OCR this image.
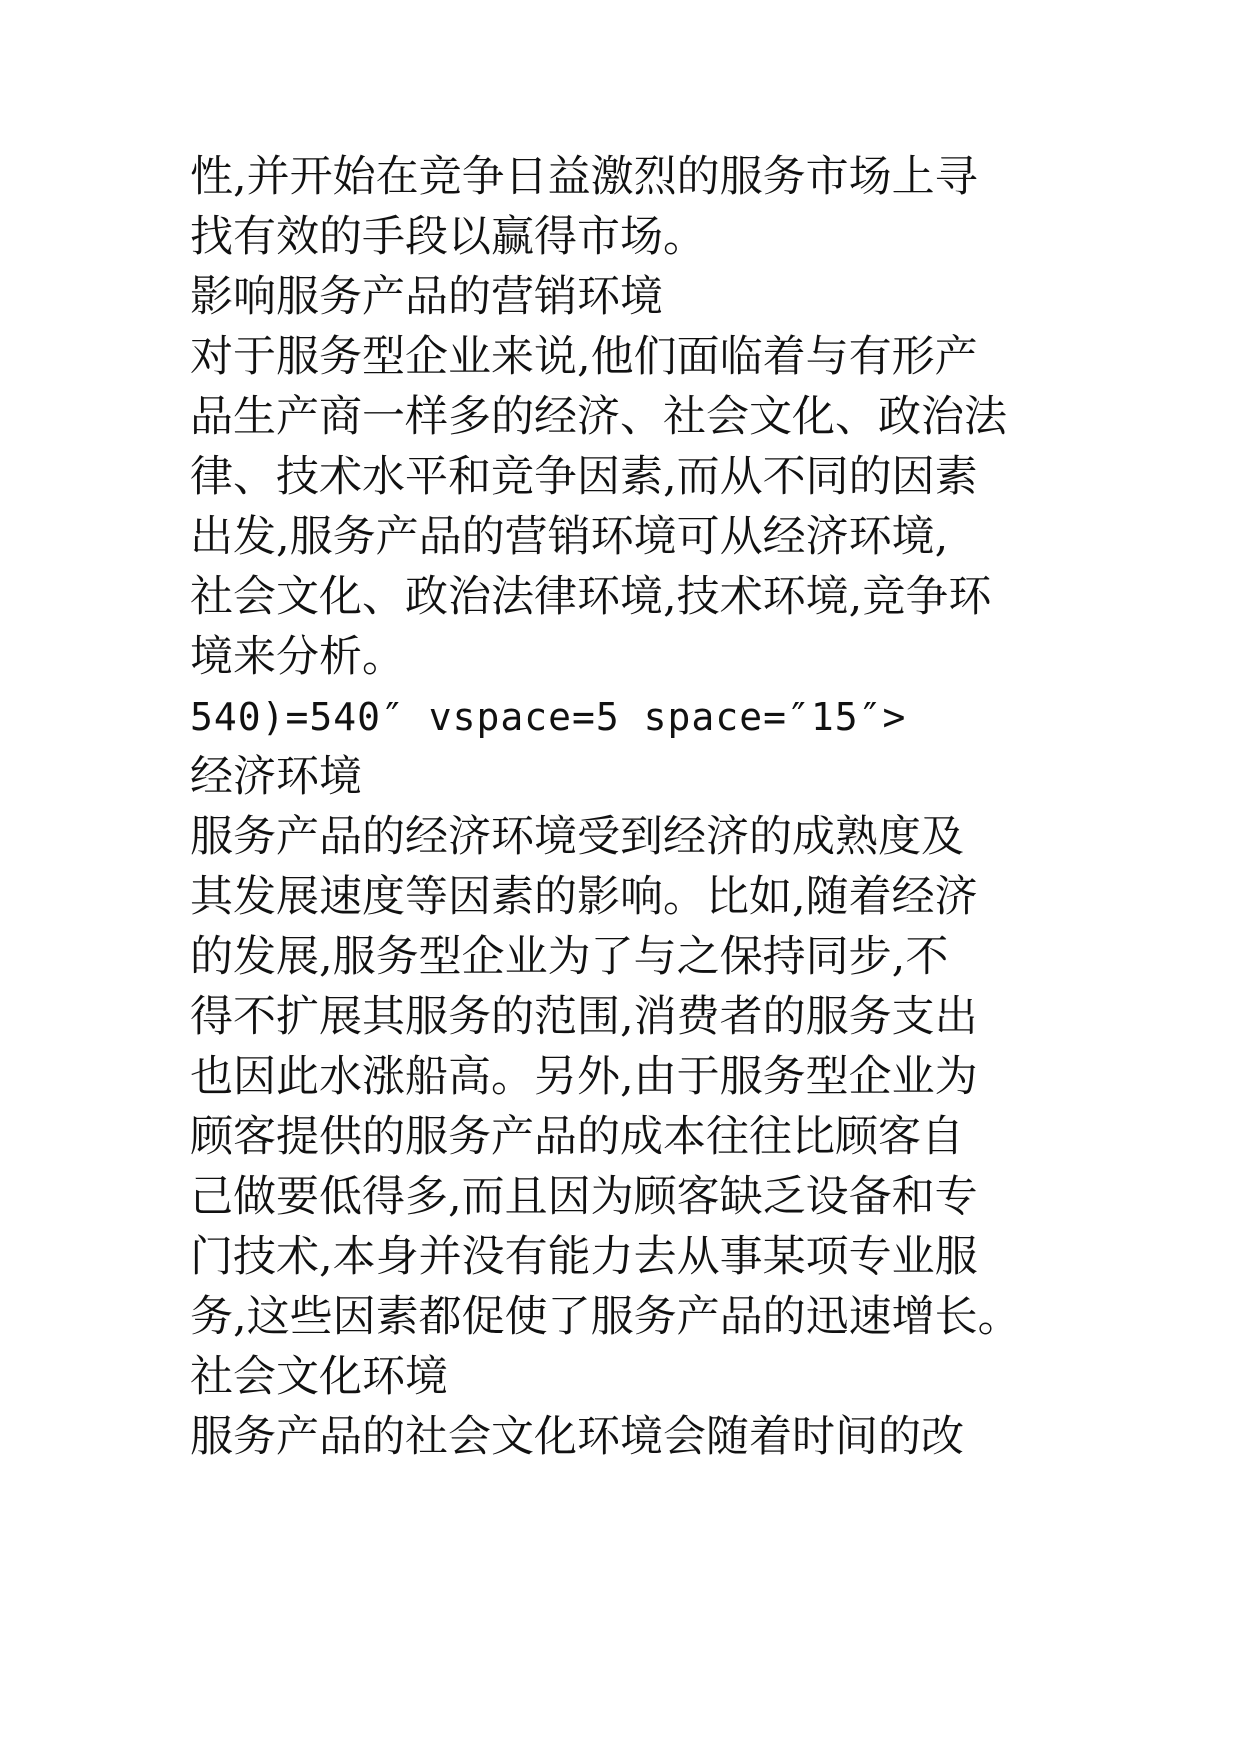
性,并开始在竞争日益激烈的服务市场上寻
找有效的手段以赢得市场。
影响服务产品的营销环境
对于服务型企业来说,他们面临着与有形产
品生产商一样多的经济、社会文化、政治法
律、技术水平和竞争因素,而从不同的因素
出发,服务产品的营销环境可从经济环境,
社会文化、政治法律环境,技术环境,竞争环
境来分析。
540)=540″ vspace=5 space=″15″>
经济环境
服务产品的经济环境受到经济的成熟度及
其发展速度等因素的影响。比如,随着经济
的发展,服务型企业为了与之保持同步,不
得不扩展其服务的范围,消费者的服务支出
也因此水涨船高。另外,由于服务型企业为
顾客提供的服务产品的成本往往比顾客自
己做要低得多,而且因为顾客缺乏设备和专
门技术,本身并没有能力去从事某项专业服
务,这些因素都促使了服务产品的迅速增长。
社会文化环境
服务产品的社会文化环境会随着时间的改
